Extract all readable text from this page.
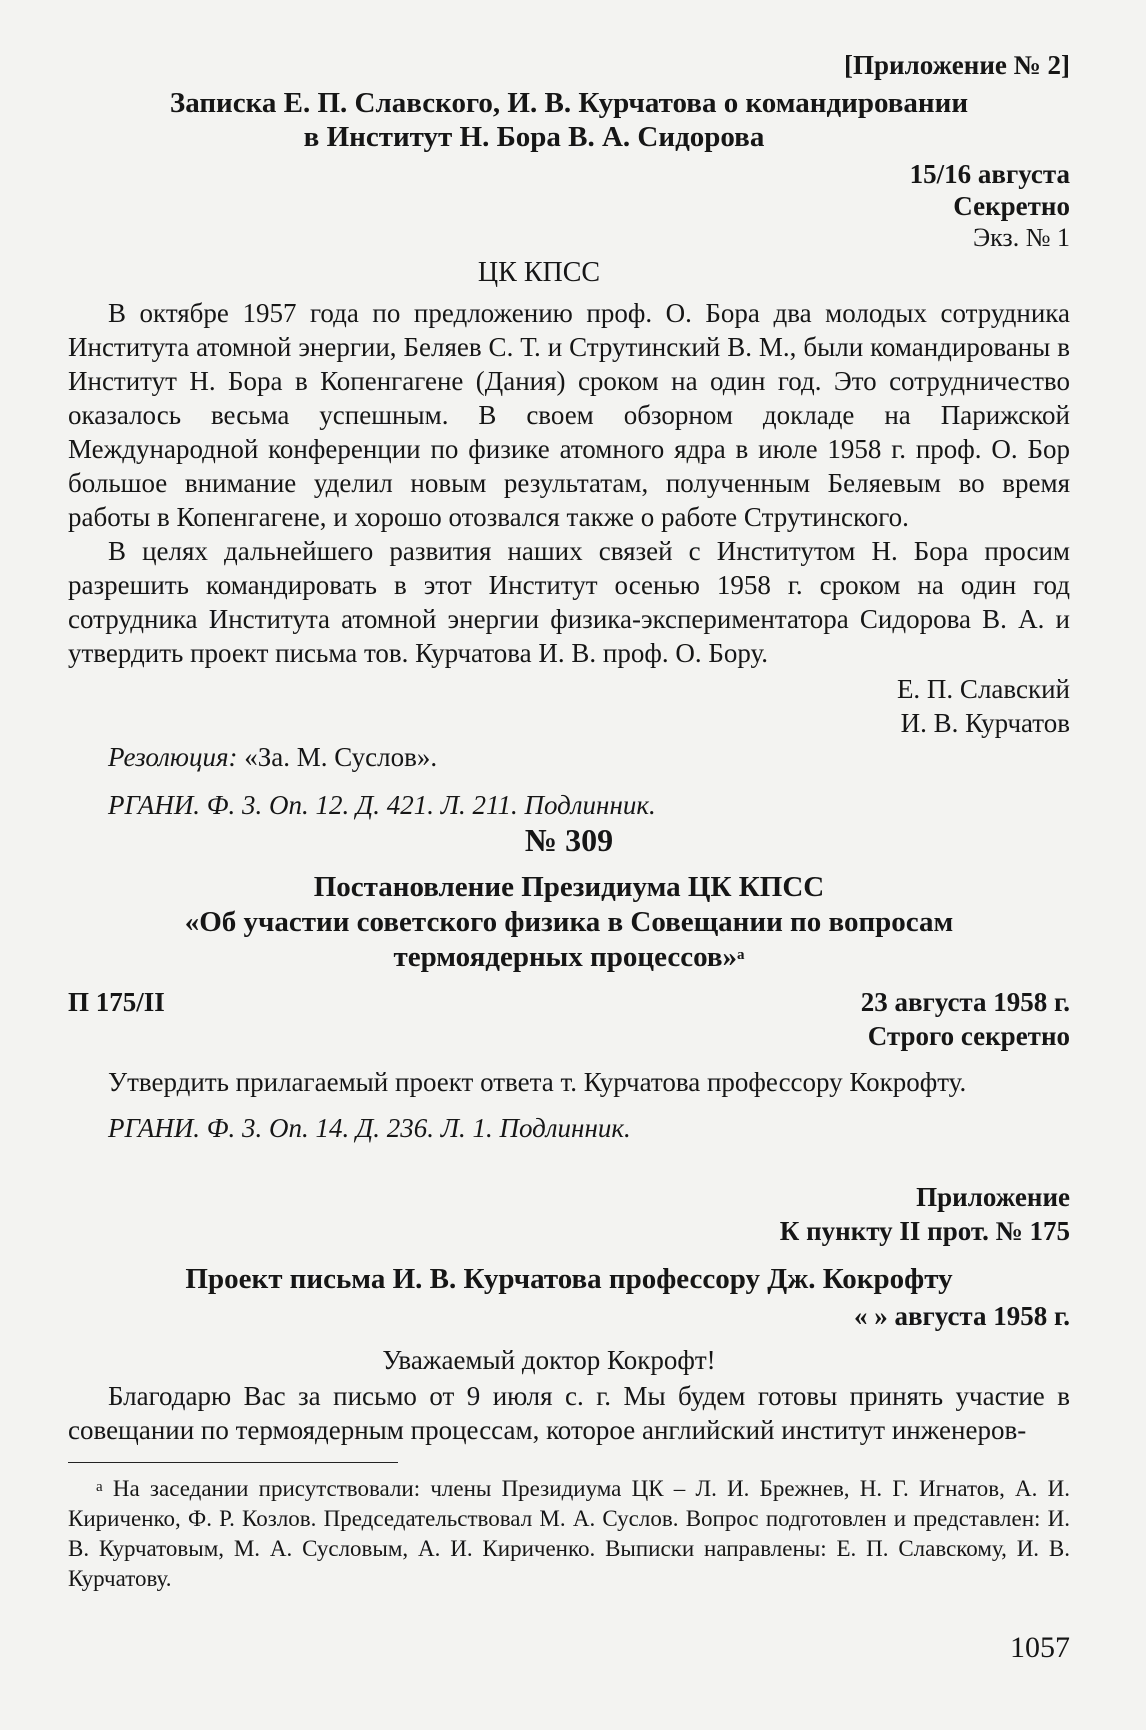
[Приложение № 2]
Записка Е. П. Славского, И. В. Курчатова о командировании
в Институт Н. Бора В. А. Сидорова
15/16 августа
Секретно
Экз. № 1
ЦК КПСС

В октябре 1957 года по предложению проф. О. Бора два молодых сотрудника Института атомной энергии, Беляев С. Т. и Струтинский В. М., были командированы в Институт Н. Бора в Копенгагене (Дания) сроком на один год. Это сотрудничество оказалось весьма успешным. В своем обзорном докладе на Парижской Международной конференции по физике атомного ядра в июле 1958 г. проф. О. Бор большое внимание уделил новым результатам, полученным Беляевым во время работы в Копенгагене, и хорошо отозвался также о работе Струтинского.

В целях дальнейшего развития наших связей с Институтом Н. Бора просим разрешить командировать в этот Институт осенью 1958 г. сроком на один год сотрудника Института атомной энергии физика-экспериментатора Сидорова В. А. и утвердить проект письма тов. Курчатова И. В. проф. О. Бору.

Е. П. Славский
И. В. Курчатов
Резолюция: «За. М. Суслов».
РГАНИ. Ф. 3. Оп. 12. Д. 421. Л. 211. Подлинник.
№ 309
Постановление Президиума ЦК КПСС
«Об участии советского физика в Совещании по вопросам
термоядерных процессов»$^а$
П 175/II	23 августа 1958 г.
Строго секретно

Утвердить прилагаемый проект ответа т. Курчатова профессору Кокрофту.

РГАНИ. Ф. 3. Оп. 14. Д. 236. Л. 1. Подлинник.
Приложение
К пункту II прот. № 175
Проект письма И. В. Курчатова профессору Дж. Кокрофту
« » августа 1958 г.
Уважаемый доктор Кокрофт!

Благодарю Вас за письмо от 9 июля с. г. Мы будем готовы принять участие в совещании по термоядерным процессам, которое английский институт инженеров-

$^а$ На заседании присутствовали: члены Президиума ЦК – Л. И. Брежнев, Н. Г. Игнатов, А. И. Кириченко, Ф. Р. Козлов. Председательствовал М. А. Суслов. Вопрос подготовлен и представлен: И. В. Курчатовым, М. А. Сусловым, А. И. Кириченко. Выписки направлены: Е. П. Славскому, И. В. Курчатову.

1057
